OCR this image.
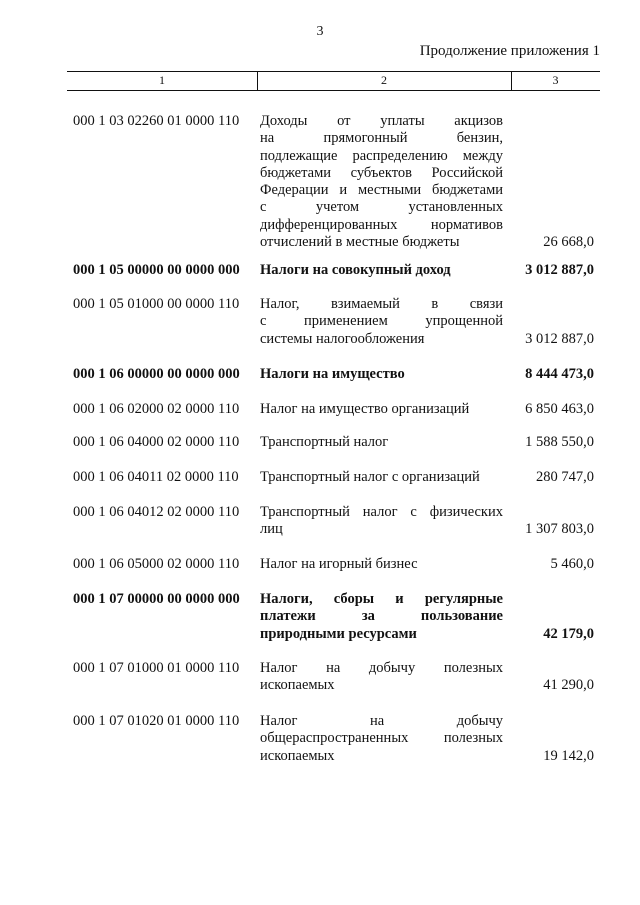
3
Продолжение приложения 1
1	2	3
000 1 03 02260 01 0000 110 Доходы от уплаты акцизов
на прямогонный бензин,
подлежащие распределению между
бюджетами субъектов Российской
Федерации и местными бюджетами
с учетом установленных
дифференцированных нормативов
отчислений в местные бюджеты	26 668,0
000 1 05 00000 00 0000 000 Налоги на совокупный доход	3 012 887,0
000 1 05 01000 00 0000 110 Налог, взимаемый в связи
с применением упрощенной
системы налогообложения	3 012 887,0
000 1 06 00000 00 0000 000 Налоги на имущество	8 444 473,0
000 1 06 02000 02 0000 110 Налог на имущество организаций	6 850 463,0
000 1 06 04000 02 0000 110 Транспортный налог	1 588 550,0
000 1 06 04011 02 0000 110 Транспортный налог с организаций	280 747,0
000 1 06 04012 02 0000 110 Транспортный налог с физических
лиц	1 307 803,0
000 1 06 05000 02 0000 110 Налог на игорный бизнес	5 460,0
000 1 07 00000 00 0000 000 Налоги, сборы и регулярные
платежи за пользование
природными ресурсами	42 179,0
000 1 07 01000 01 0000 110 Налог на добычу полезных
ископаемых	41 290,0
000 1 07 01020 01 0000 110 Налог на добычу
общераспространенных полезных
ископаемых	19 142,0
